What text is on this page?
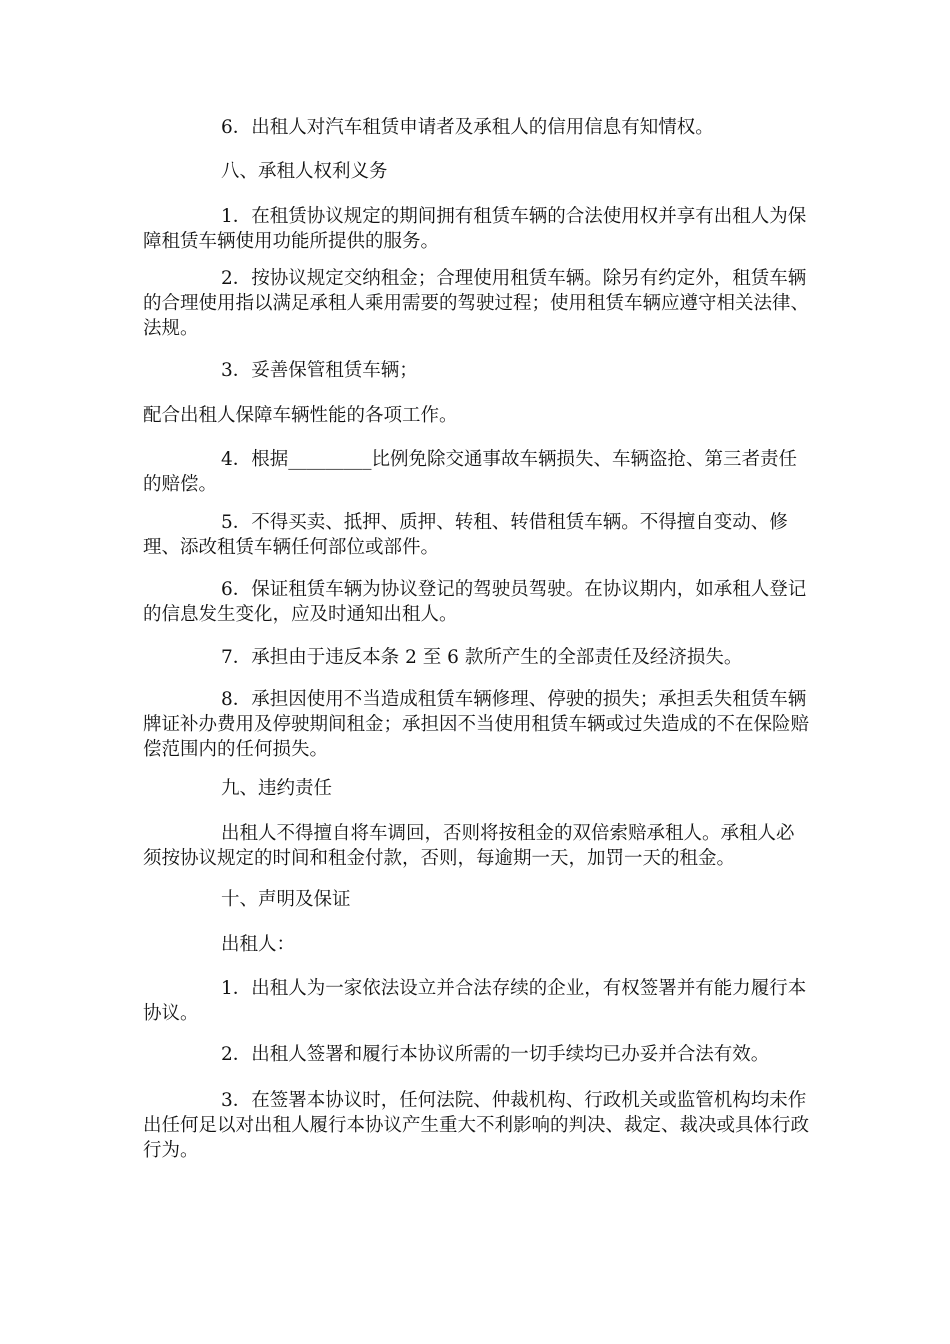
6．出租人对汽车租赁申请者及承租人的信用信息有知情权。

八、承租人权利义务

1．在租赁协议规定的期间拥有租赁车辆的合法使用权并享有出租人为保障租赁车辆使用功能所提供的服务。

2．按协议规定交纳租金；合理使用租赁车辆。除另有约定外，租赁车辆的合理使用指以满足承租人乘用需要的驾驶过程；使用租赁车辆应遵守相关法律、法规。

3．妥善保管租赁车辆；

配合出租人保障车辆性能的各项工作。

4．根据_________比例免除交通事故车辆损失、车辆盗抢、第三者责任的赔偿。

5．不得买卖、抵押、质押、转租、转借租赁车辆。不得擅自变动、修理、添改租赁车辆任何部位或部件。

6．保证租赁车辆为协议登记的驾驶员驾驶。在协议期内，如承租人登记的信息发生变化，应及时通知出租人。

7．承担由于违反本条 2 至 6 款所产生的全部责任及经济损失。

8．承担因使用不当造成租赁车辆修理、停驶的损失；承担丢失租赁车辆牌证补办费用及停驶期间租金；承担因不当使用租赁车辆或过失造成的不在保险赔偿范围内的任何损失。

九、违约责任

出租人不得擅自将车调回，否则将按租金的双倍索赔承租人。承租人必须按协议规定的时间和租金付款，否则，每逾期一天，加罚一天的租金。

十、声明及保证

出租人：

1．出租人为一家依法设立并合法存续的企业，有权签署并有能力履行本协议。

2．出租人签署和履行本协议所需的一切手续均已办妥并合法有效。

3．在签署本协议时，任何法院、仲裁机构、行政机关或监管机构均未作出任何足以对出租人履行本协议产生重大不利影响的判决、裁定、裁决或具体行政行为。
